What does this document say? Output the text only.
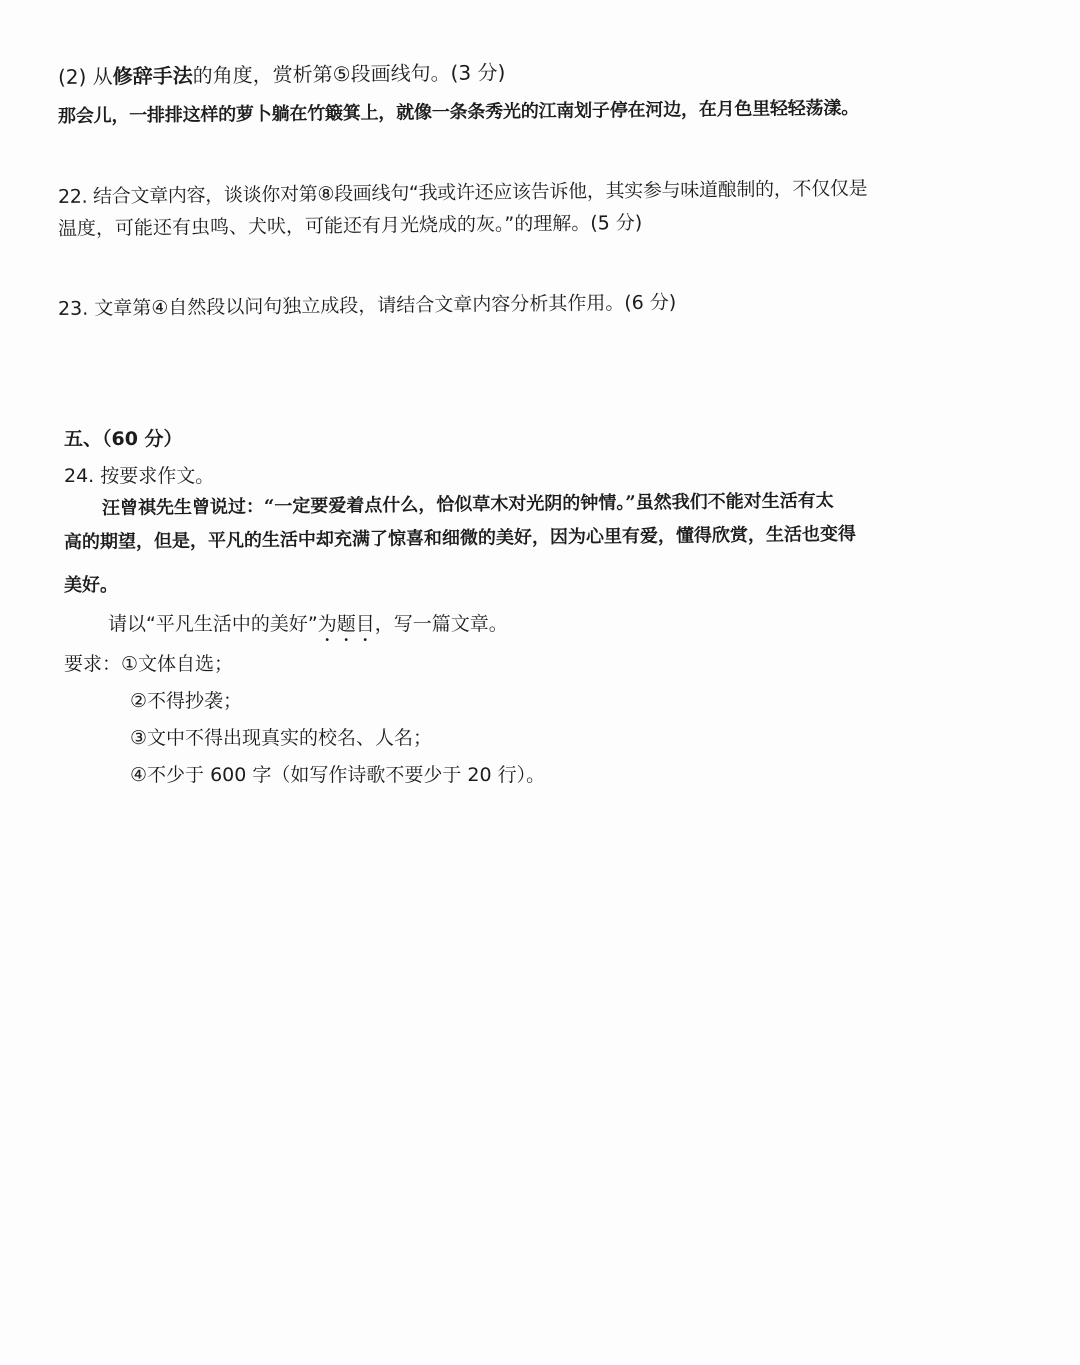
(2) 从修辞手法的角度，赏析第⑤段画线句。(3 分)
那会儿，一排排这样的萝卜躺在竹簸箕上，就像一条条秀光的江南划子停在河边，在月色里轻轻荡漾。
22. 结合文章内容，谈谈你对第⑧段画线句“我或许还应该告诉他，其实参与味道酿制的，不仅仅是
温度，可能还有虫鸣、犬吠，可能还有月光烧成的灰。”的理解。(5 分)
23. 文章第④自然段以问句独立成段，请结合文章内容分析其作用。(6 分)
五、（60 分）
24. 按要求作文。
汪曾祺先生曾说过：“一定要爱着点什么，恰似草木对光阴的钟情。”虽然我们不能对生活有太
高的期望，但是，平凡的生活中却充满了惊喜和细微的美好，因为心里有爱，懂得欣赏，生活也变得
美好。
请以“平凡生活中的美好”为题目，写一篇文章。
要求：①文体自选；
②不得抄袭；
③文中不得出现真实的校名、人名；
④不少于 600 字（如写作诗歌不要少于 20 行）。
